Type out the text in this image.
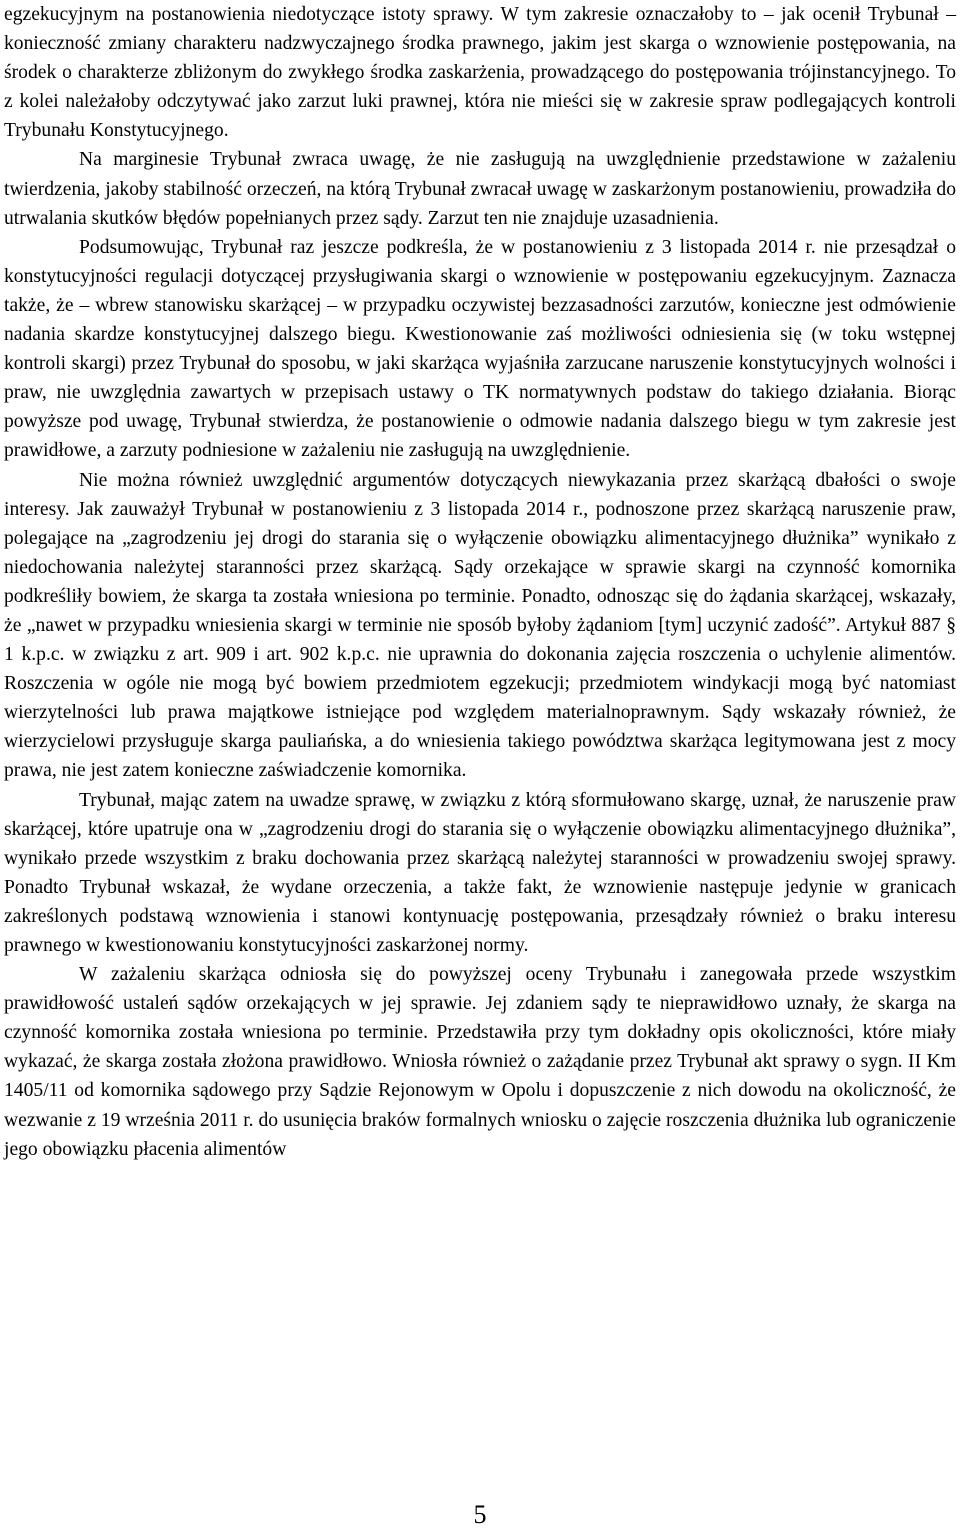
egzekucyjnym na postanowienia niedotyczące istoty sprawy. W tym zakresie oznaczałoby to – jak ocenił Trybunał – konieczność zmiany charakteru nadzwyczajnego środka prawnego, jakim jest skarga o wznowienie postępowania, na środek o charakterze zbliżonym do zwykłego środka zaskarżenia, prowadzącego do postępowania trójinstancyjnego. To z kolei należałoby odczytywać jako zarzut luki prawnej, która nie mieści się w zakresie spraw podlegających kontroli Trybunału Konstytucyjnego.

Na marginesie Trybunał zwraca uwagę, że nie zasługują na uwzględnienie przedstawione w zażaleniu twierdzenia, jakoby stabilność orzeczeń, na którą Trybunał zwracał uwagę w zaskarżonym postanowieniu, prowadziła do utrwalania skutków błędów popełnianych przez sądy. Zarzut ten nie znajduje uzasadnienia.

Podsumowując, Trybunał raz jeszcze podkreśla, że w postanowieniu z 3 listopada 2014 r. nie przesądzał o konstytucyjności regulacji dotyczącej przysługiwania skargi o wznowienie w postępowaniu egzekucyjnym. Zaznacza także, że – wbrew stanowisku skarżącej – w przypadku oczywistej bezzasadności zarzutów, konieczne jest odmówienie nadania skardze konstytucyjnej dalszego biegu. Kwestionowanie zaś możliwości odniesienia się (w toku wstępnej kontroli skargi) przez Trybunał do sposobu, w jaki skarżąca wyjaśniła zarzucane naruszenie konstytucyjnych wolności i praw, nie uwzględnia zawartych w przepisach ustawy o TK normatywnych podstaw do takiego działania. Biorąc powyższe pod uwagę, Trybunał stwierdza, że postanowienie o odmowie nadania dalszego biegu w tym zakresie jest prawidłowe, a zarzuty podniesione w zażaleniu nie zasługują na uwzględnienie.

Nie można również uwzględnić argumentów dotyczących niewykazania przez skarżącą dbałości o swoje interesy. Jak zauważył Trybunał w postanowieniu z 3 listopada 2014 r., podnoszone przez skarżącą naruszenie praw, polegające na „zagrodzeniu jej drogi do starania się o wyłączenie obowiązku alimentacyjnego dłużnika” wynikało z niedochowania należytej staranności przez skarżącą. Sądy orzekające w sprawie skargi na czynność komornika podkreśliły bowiem, że skarga ta została wniesiona po terminie. Ponadto, odnosząc się do żądania skarżącej, wskazały, że „nawet w przypadku wniesienia skargi w terminie nie sposób byłoby żądaniom [tym] uczynić zadość”. Artykuł 887 § 1 k.p.c. w związku z art. 909 i art. 902 k.p.c. nie uprawnia do dokonania zajęcia roszczenia o uchylenie alimentów. Roszczenia w ogóle nie mogą być bowiem przedmiotem egzekucji; przedmiotem windykacji mogą być natomiast wierzytelności lub prawa majątkowe istniejące pod względem materialnoprawnym. Sądy wskazały również, że wierzycielowi przysługuje skarga pauliańska, a do wniesienia takiego powództwa skarżąca legitymowana jest z mocy prawa, nie jest zatem konieczne zaświadczenie komornika.

Trybunał, mając zatem na uwadze sprawę, w związku z którą sformułowano skargę, uznał, że naruszenie praw skarżącej, które upatruje ona w „zagrodzeniu drogi do starania się o wyłączenie obowiązku alimentacyjnego dłużnika”, wynikało przede wszystkim z braku dochowania przez skarżącą należytej staranności w prowadzeniu swojej sprawy. Ponadto Trybunał wskazał, że wydane orzeczenia, a także fakt, że wznowienie następuje jedynie w granicach zakreślonych podstawą wznowienia i stanowi kontynuację postępowania, przesądzały również o braku interesu prawnego w kwestionowaniu konstytucyjności zaskarżonej normy.

W zażaleniu skarżąca odniosła się do powyższej oceny Trybunału i zanegowała przede wszystkim prawidłowość ustaleń sądów orzekających w jej sprawie. Jej zdaniem sądy te nieprawidłowo uznały, że skarga na czynność komornika została wniesiona po terminie. Przedstawiła przy tym dokładny opis okoliczności, które miały wykazać, że skarga została złożona prawidłowo. Wniosła również o zażądanie przez Trybunał akt sprawy o sygn. II Km 1405/11 od komornika sądowego przy Sądzie Rejonowym w Opolu i dopuszczenie z nich dowodu na okoliczność, że wezwanie z 19 września 2011 r. do usunięcia braków formalnych wniosku o zajęcie roszczenia dłużnika lub ograniczenie jego obowiązku płacenia alimentów

5
